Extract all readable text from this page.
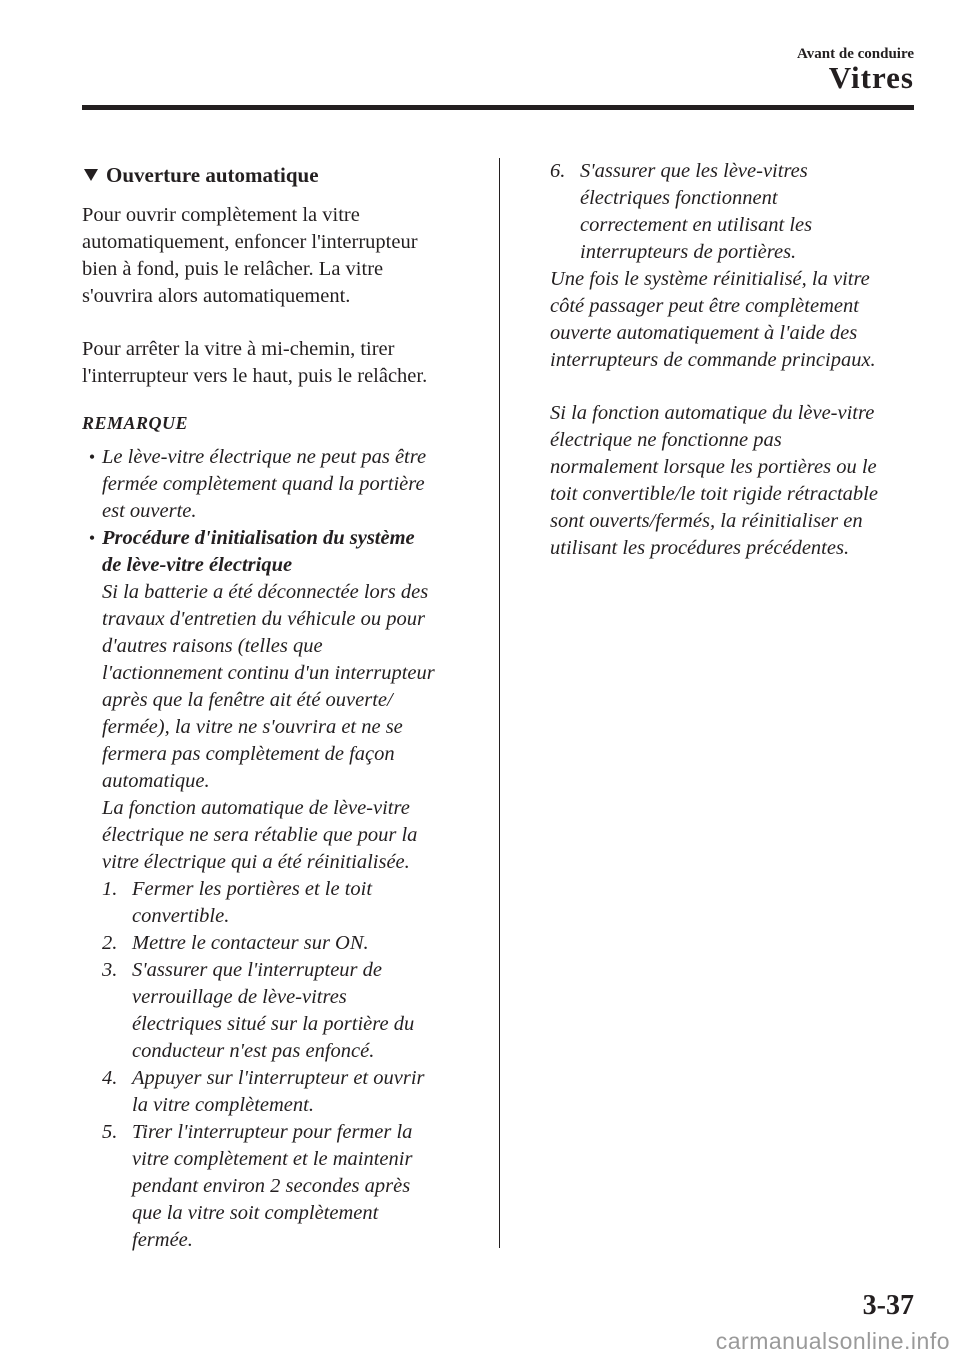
Avant de conduire
Vitres
Ouverture automatique

Pour ouvrir complètement la vitre
automatiquement, enfoncer l'interrupteur
bien à fond, puis le relâcher. La vitre
s'ouvrira alors automatiquement.

Pour arrêter la vitre à mi-chemin, tirer
l'interrupteur vers le haut, puis le relâcher.

REMARQUE
• Le lève-vitre électrique ne peut pas être
fermée complètement quand la portière
est ouverte.

• Procédure d'initialisation du système
de lève-vitre électrique

Si la batterie a été déconnectée lors des
travaux d'entretien du véhicule ou pour
d'autres raisons (telles que
l'actionnement continu d'un interrupteur
après que la fenêtre ait été ouverte/
fermée), la vitre ne s'ouvrira et ne se
fermera pas complètement de façon
automatique.

La fonction automatique de lève-vitre
électrique ne sera rétablie que pour la
vitre électrique qui a été réinitialisée.

1. Fermer les portières et le toit
convertible.
2. Mettre le contacteur sur ON.
3. S'assurer que l'interrupteur de
verrouillage de lève-vitres
électriques situé sur la portière du
conducteur n'est pas enfoncé.
4. Appuyer sur l'interrupteur et ouvrir
la vitre complètement.
5. Tirer l'interrupteur pour fermer la
vitre complètement et le maintenir
pendant environ 2 secondes après
que la vitre soit complètement
fermée.
6. S'assurer que les lève-vitres
électriques fonctionnent
correctement en utilisant les
interrupteurs de portières.

Une fois le système réinitialisé, la vitre
côté passager peut être complètement
ouverte automatiquement à l'aide des
interrupteurs de commande principaux.

Si la fonction automatique du lève-vitre
électrique ne fonctionne pas
normalement lorsque les portières ou le
toit convertible/le toit rigide rétractable
sont ouverts/fermés, la réinitialiser en
utilisant les procédures précédentes.

3-37
carmanualsonline.info
